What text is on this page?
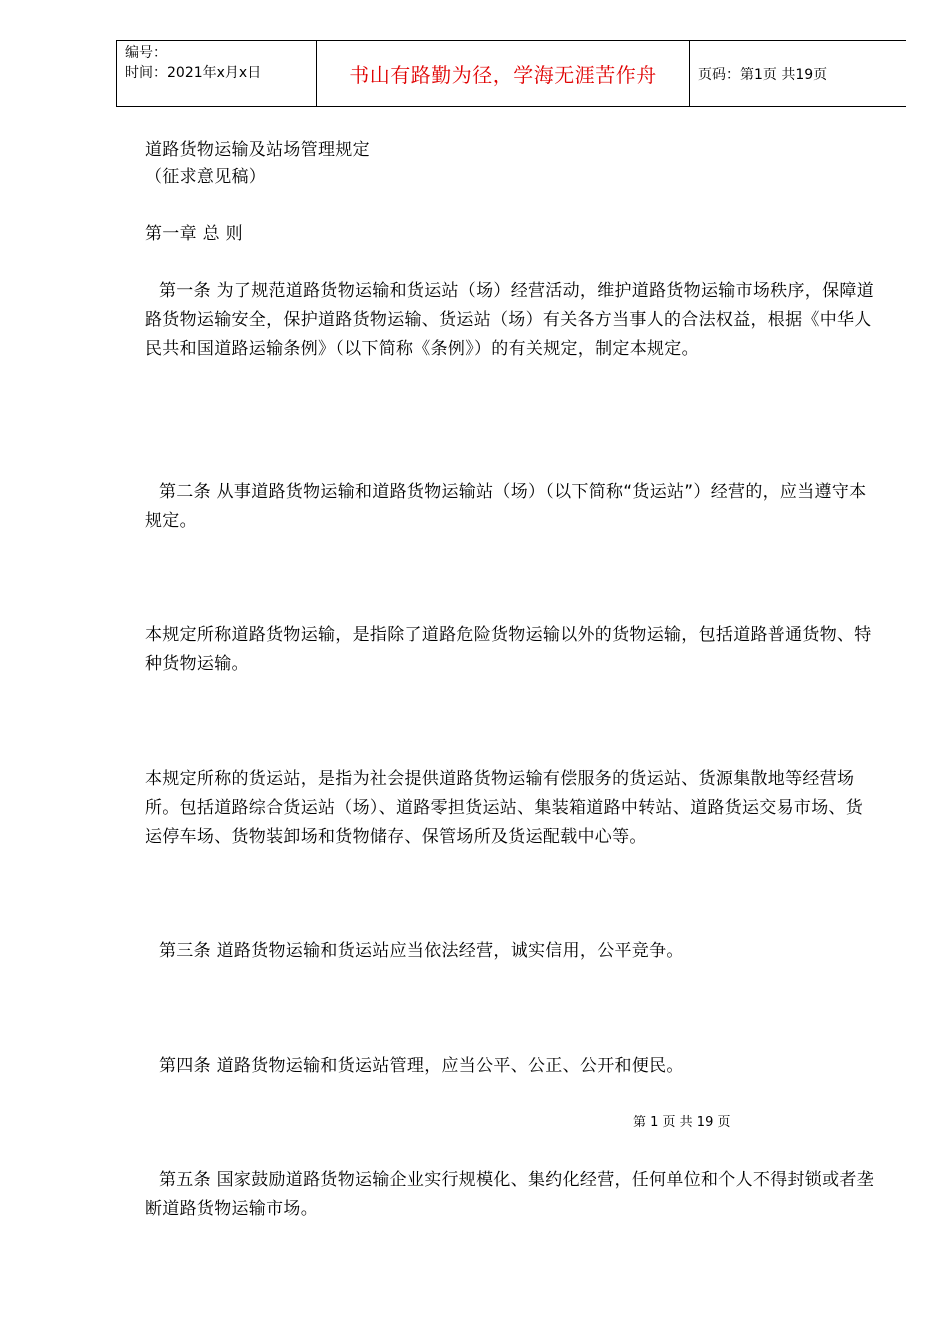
编号：
时间：2021年x月x日	书山有路勤为径，学海无涯苦作舟	页码：第1页 共19页
道路货物运输及站场管理规定
（征求意见稿）
第一章 总 则
第一条 为了规范道路货物运输和货运站（场）经营活动，维护道路货物运输市场秩序，保障道路货物运输安全，保护道路货物运输、货运站（场）有关各方当事人的合法权益，根据《中华人民共和国道路运输条例》（以下简称《条例》）的有关规定，制定本规定。
第二条 从事道路货物运输和道路货物运输站（场）（以下简称“货运站”）经营的，应当遵守本规定。
本规定所称道路货物运输，是指除了道路危险货物运输以外的货物运输，包括道路普通货物、特种货物运输。
本规定所称的货运站，是指为社会提供道路货物运输有偿服务的货运站、货源集散地等经营场所。包括道路综合货运站（场）、道路零担货运站、集装箱道路中转站、道路货运交易市场、货运停车场、货物装卸场和货物储存、保管场所及货运配载中心等。
第三条 道路货物运输和货运站应当依法经营，诚实信用，公平竞争。
第四条 道路货物运输和货运站管理，应当公平、公正、公开和便民。
第 1 页 共 19 页
第五条 国家鼓励道路货物运输企业实行规模化、集约化经营，任何单位和个人不得封锁或者垄断道路货物运输市场。
